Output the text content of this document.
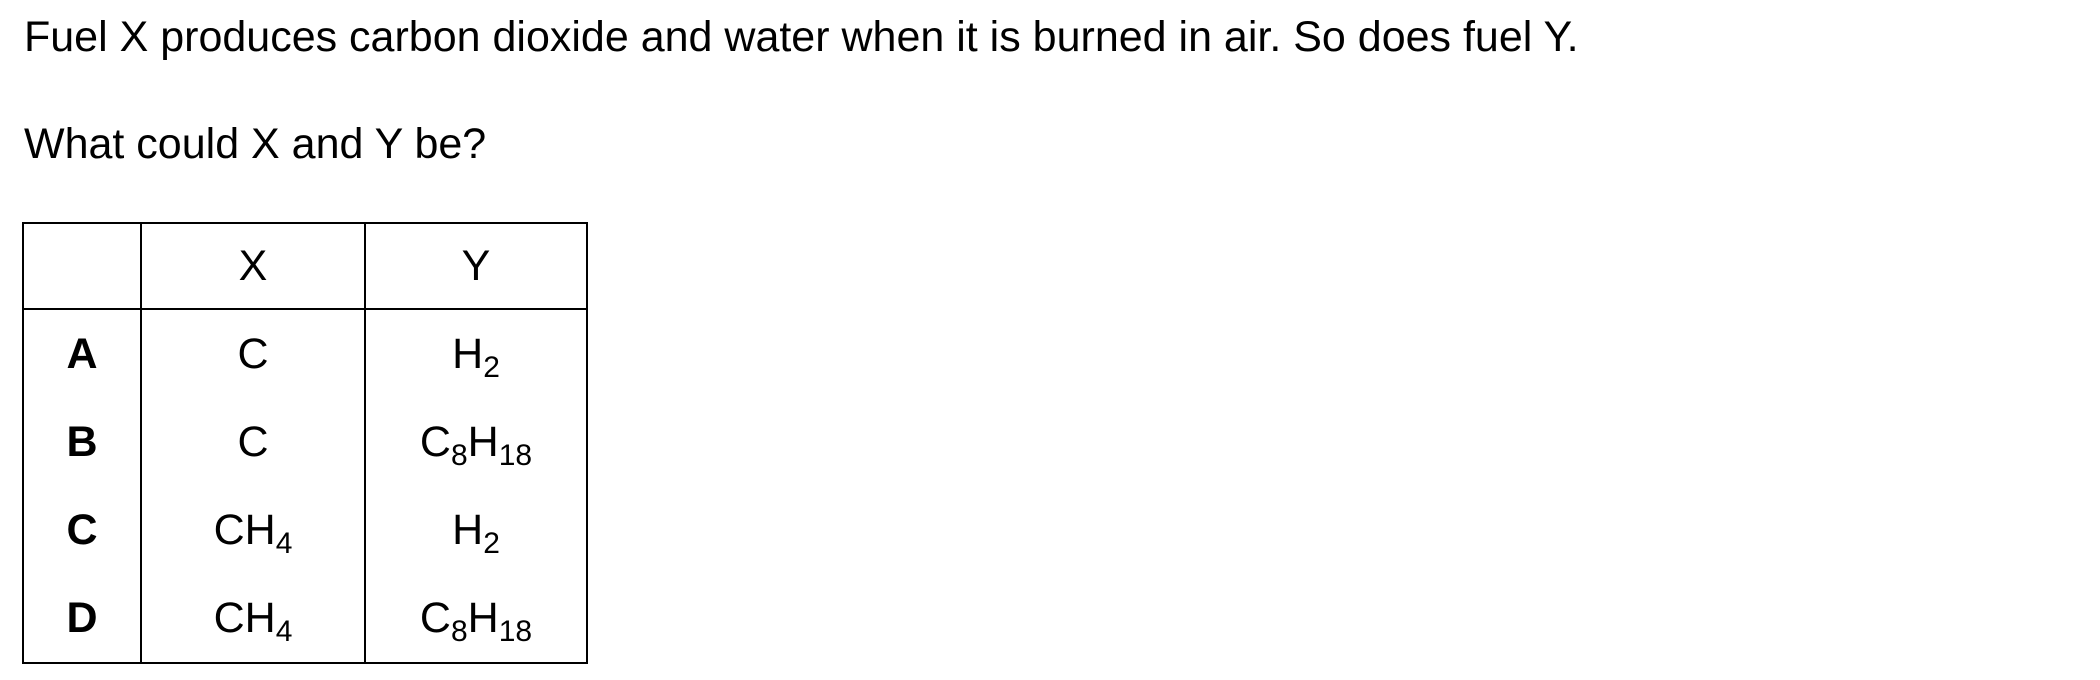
Fuel X produces carbon dioxide and water when it is burned in air. So does fuel Y.

What could X and Y be?

	X	Y
A	C	$H_2$
B	C	$C_8H_{18}$
C	$CH_4$	$H_2$
D	$CH_4$	$C_8H_{18}$
